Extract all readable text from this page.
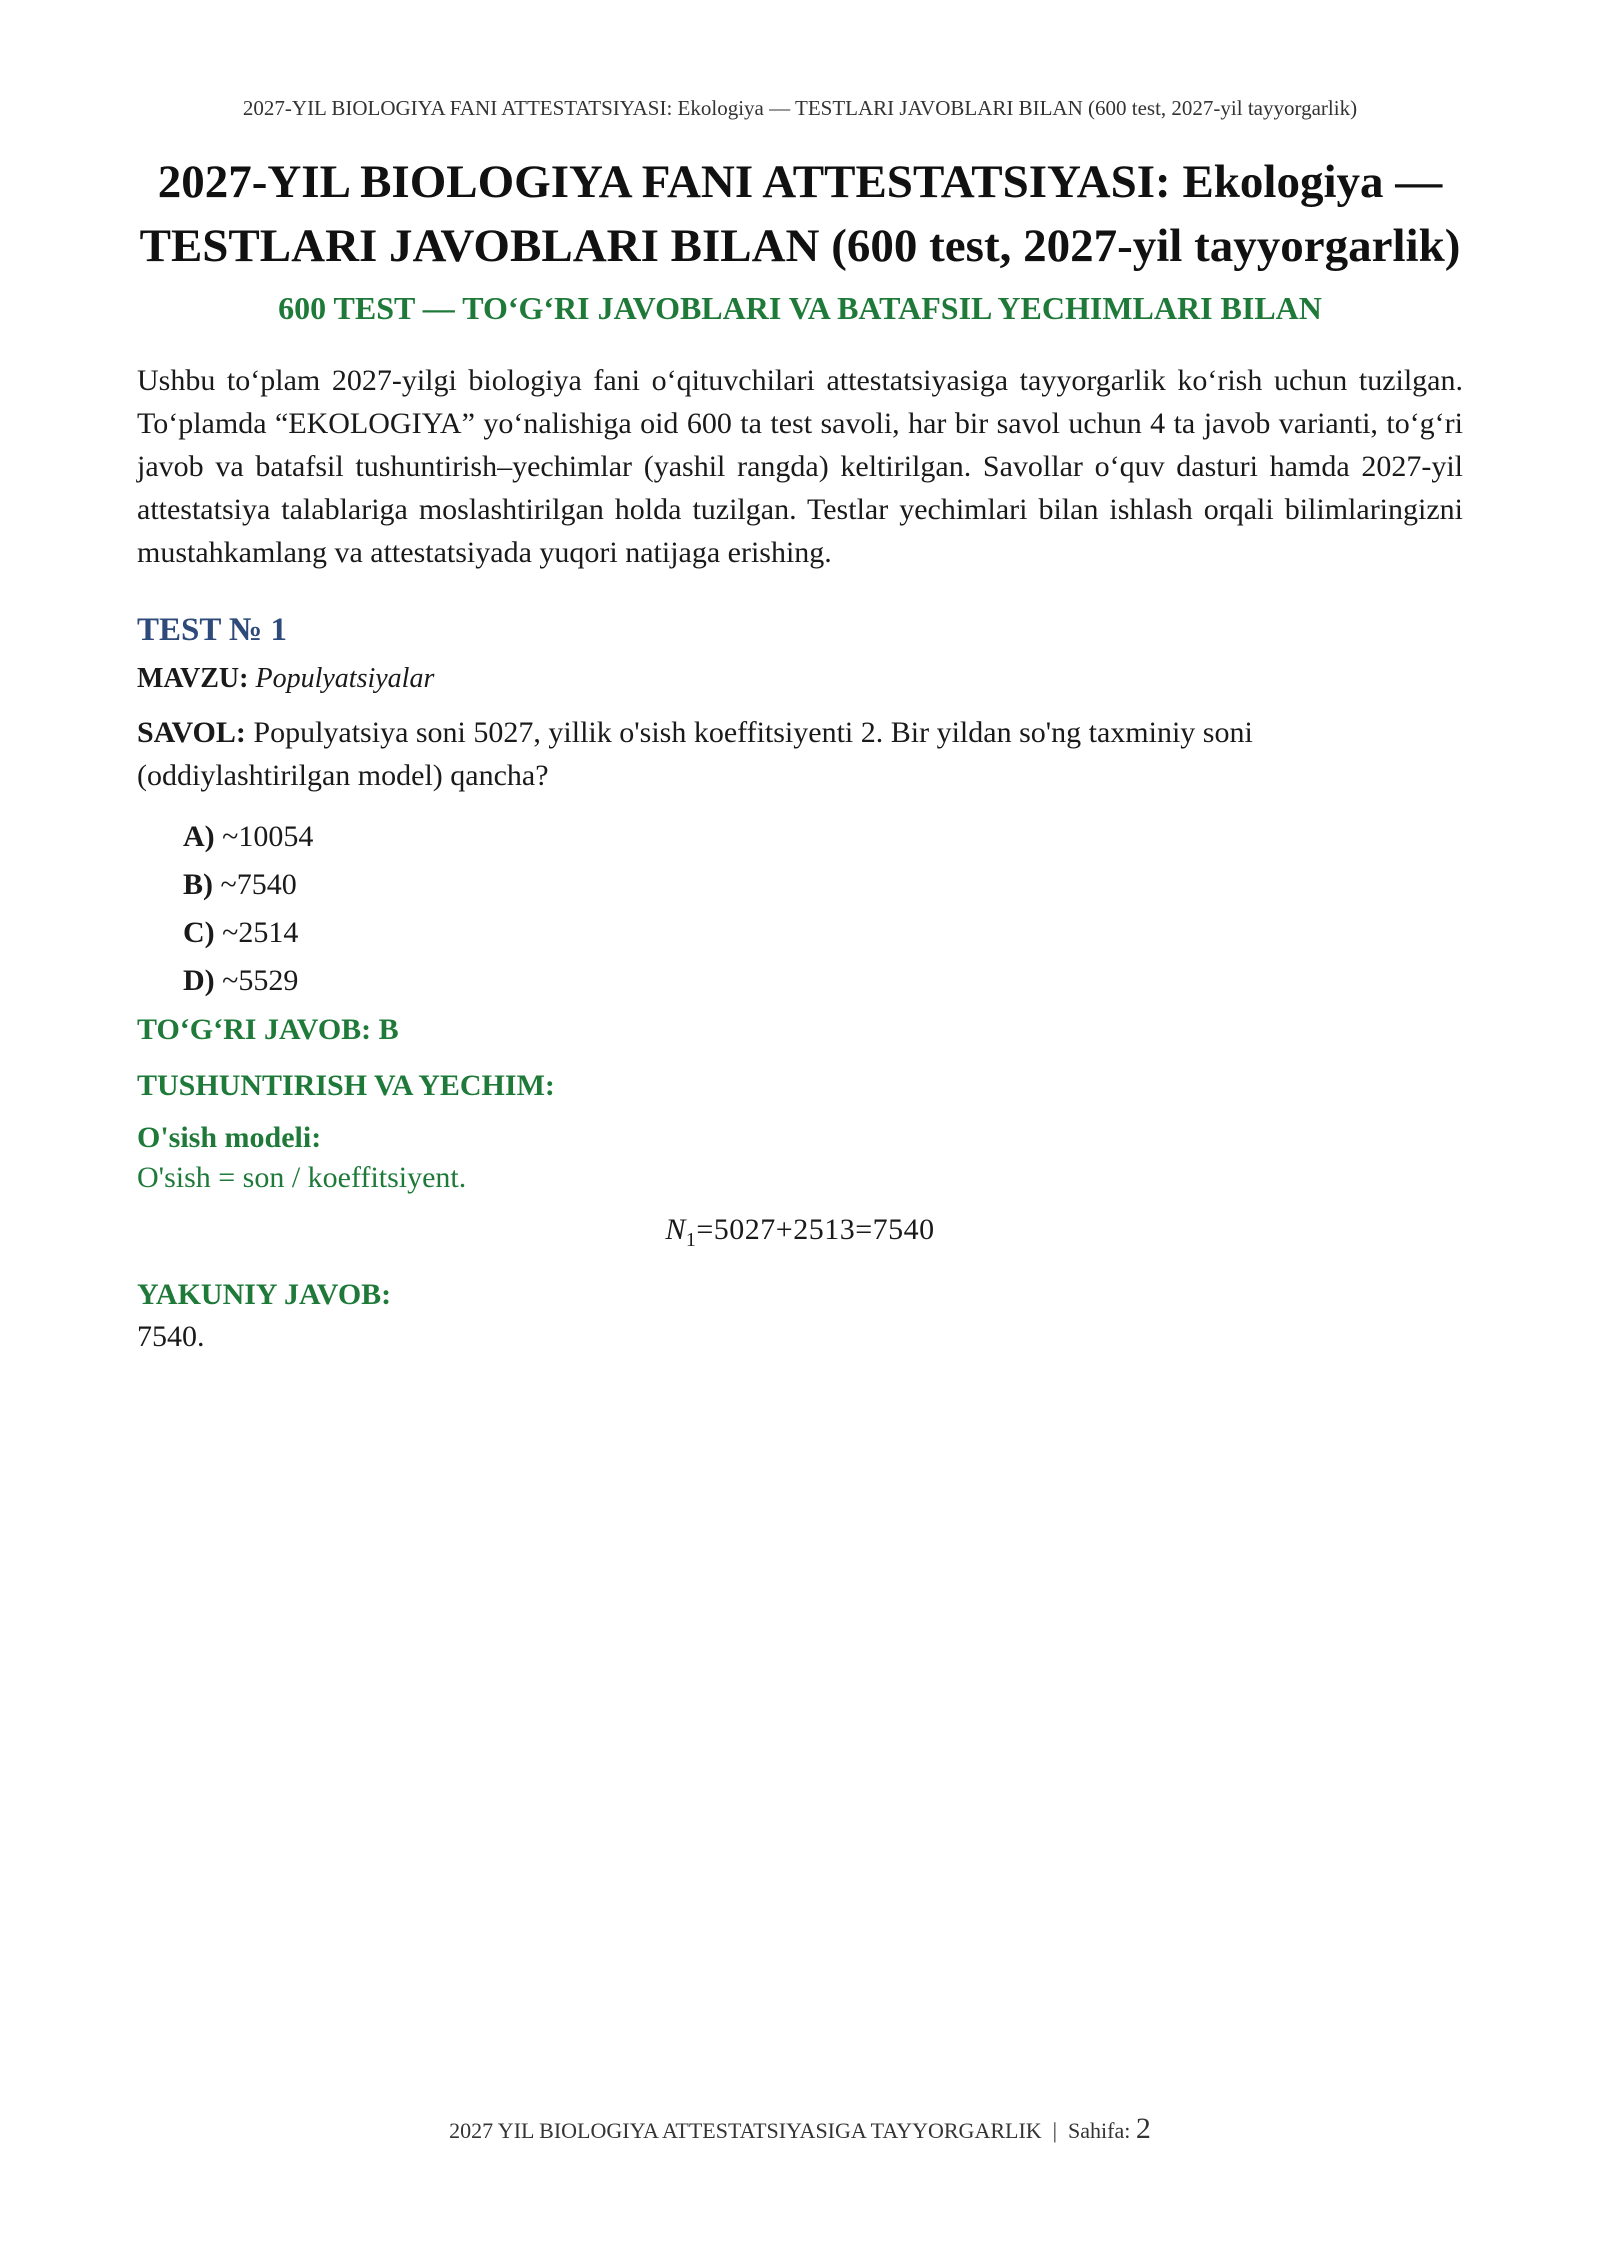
2027-YIL BIOLOGIYA FANI ATTESTATSIYASI: Ekologiya — TESTLARI JAVOBLARI BILAN (600 test, 2027-yil tayyorgarlik)
2027-YIL BIOLOGIYA FANI ATTESTATSIYASI: Ekologiya — TESTLARI JAVOBLARI BILAN (600 test, 2027-yil tayyorgarlik)
600 TEST — TO‘G‘RI JAVOBLARI VA BATAFSIL YECHIMLARI BILAN

Ushbu to‘plam 2027-yilgi biologiya fani o‘qituvchilari attestatsiyasiga tayyorgarlik ko‘rish uchun tuzilgan. To‘plamda “EKOLOGIYA” yo‘nalishiga oid 600 ta test savoli, har bir savol uchun 4 ta javob varianti, to‘g‘ri javob va batafsil tushuntirish–yechimlar (yashil rangda) keltirilgan. Savollar o‘quv dasturi hamda 2027-yil attestatsiya talablariga moslashtirilgan holda tuzilgan. Testlar yechimlari bilan ishlash orqali bilimlaringizni mustahkamlang va attestatsiyada yuqori natijaga erishing.

TEST № 1
MAVZU: Populyatsiyalar
SAVOL: Populyatsiya soni 5027, yillik o'sish koeffitsiyenti 2. Bir yildan so'ng taxminiy soni (oddiylashtirilgan model) qancha?
A) ~10054
B) ~7540
C) ~2514
D) ~5529
TO‘G‘RI JAVOB: B
TUSHUNTIRISH VA YECHIM:
O'sish modeli:
O'sish = son / koeffitsiyent.
$N_1=5027+2513=7540$
YAKUNIY JAVOB:
7540.
2027 YIL BIOLOGIYA ATTESTATSIYASIGA TAYYORGARLIK  |  Sahifa: 2
